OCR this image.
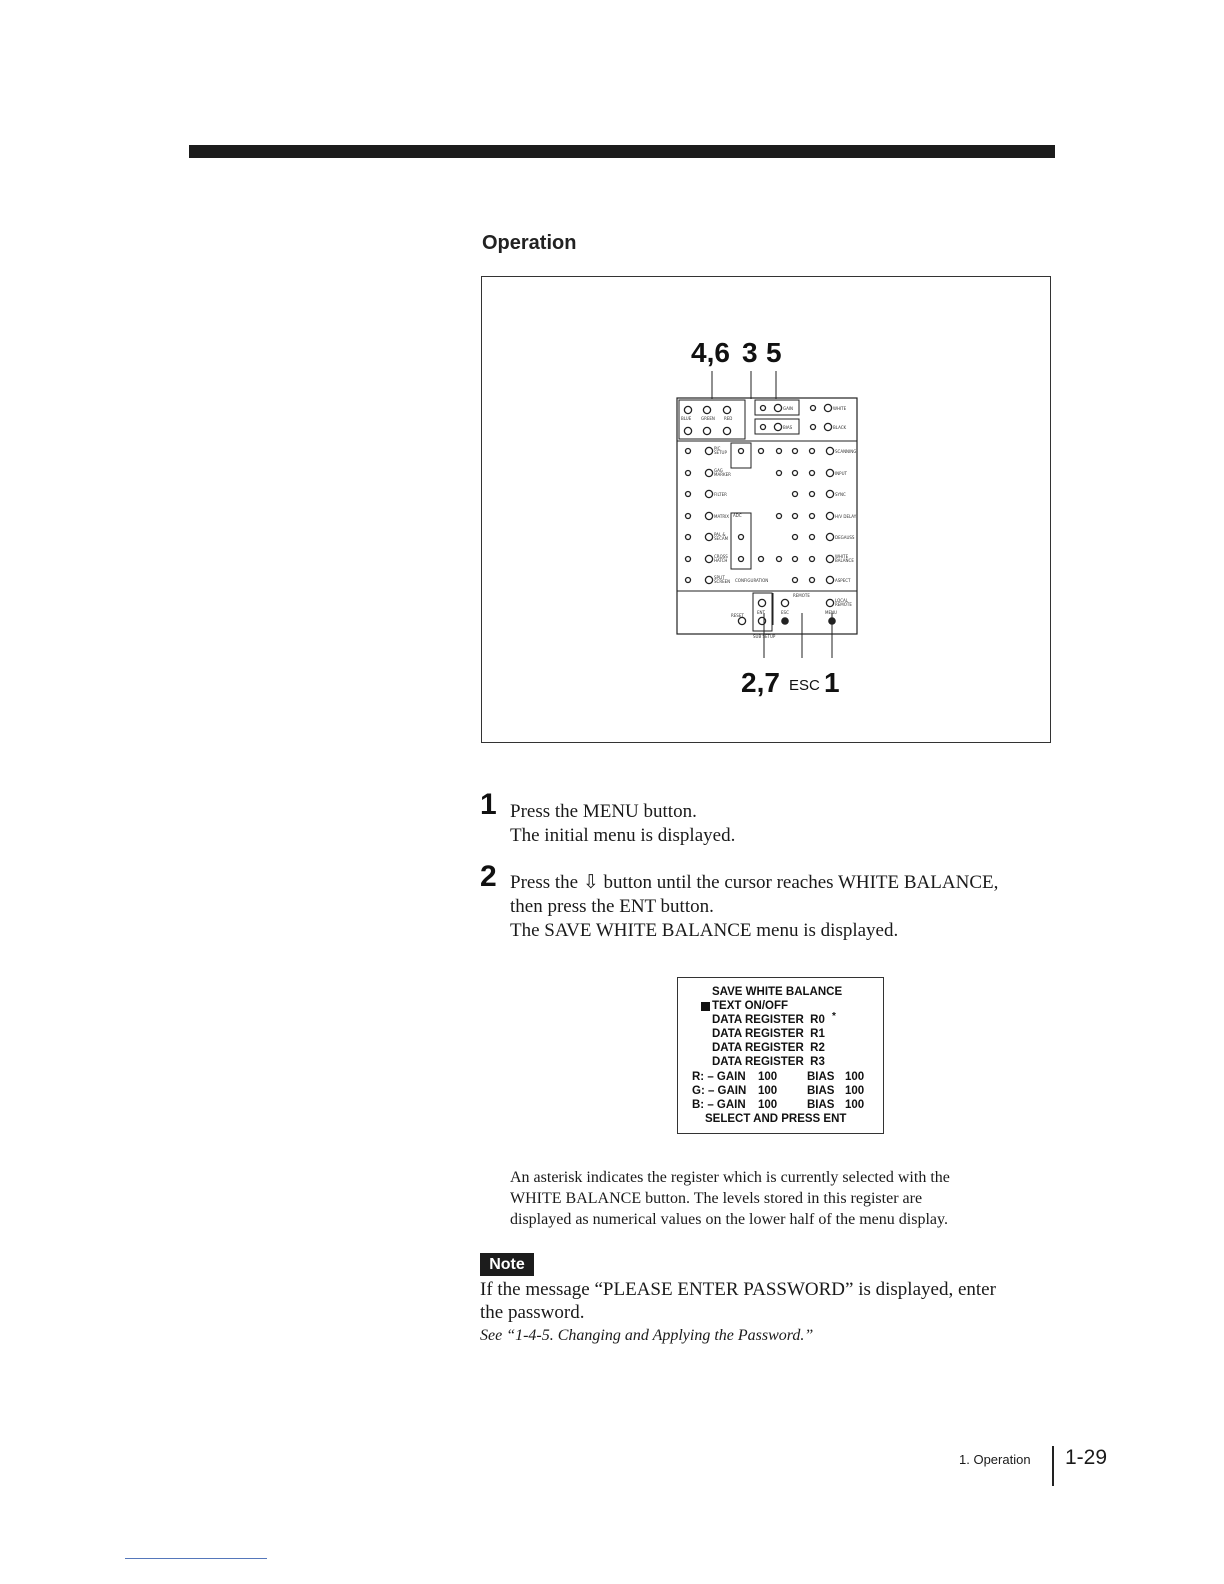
Operation
4,6 3 5
2,7 ESC 1
BLUE GREEN RED
GAIN	WHITE
BIAS	BLACK
PIC
SETUP
GAG
MARKER
FILTER
MATRIX
PAL &
SECAM
CROSS
HATCH
SPLIT
SCREEN
SCANNING
INPUT
SYNC
H/V DELAY
DEGAUSS
WHITE
BALANCE
ASPECT
LOCAL
REMOTE
CONFIGURATION
REMOTE
ADC
RESET
ENT	ESC	MENU
SUB SETUP
1 Press the MENU button.
The initial menu is displayed.
2 Press the ⇩ button until the cursor reaches WHITE BALANCE,
then press the ENT button.
The SAVE WHITE BALANCE menu is displayed.
SAVE WHITE BALANCE
TEXT ON/OFF
DATA REGISTER  R0 *
DATA REGISTER  R1
DATA REGISTER  R2
DATA REGISTER  R3
R: – GAIN 100	BIAS 100
G: – GAIN 100	BIAS 100
B: – GAIN 100	BIAS 100
SELECT AND PRESS ENT
An asterisk indicates the register which is currently selected with the
WHITE BALANCE button. The levels stored in this register are
displayed as numerical values on the lower half of the menu display.
Note
If the message “PLEASE ENTER PASSWORD” is displayed, enter
the password.
See “1-4-5. Changing and Applying the Password.”
1. Operation 1-29
